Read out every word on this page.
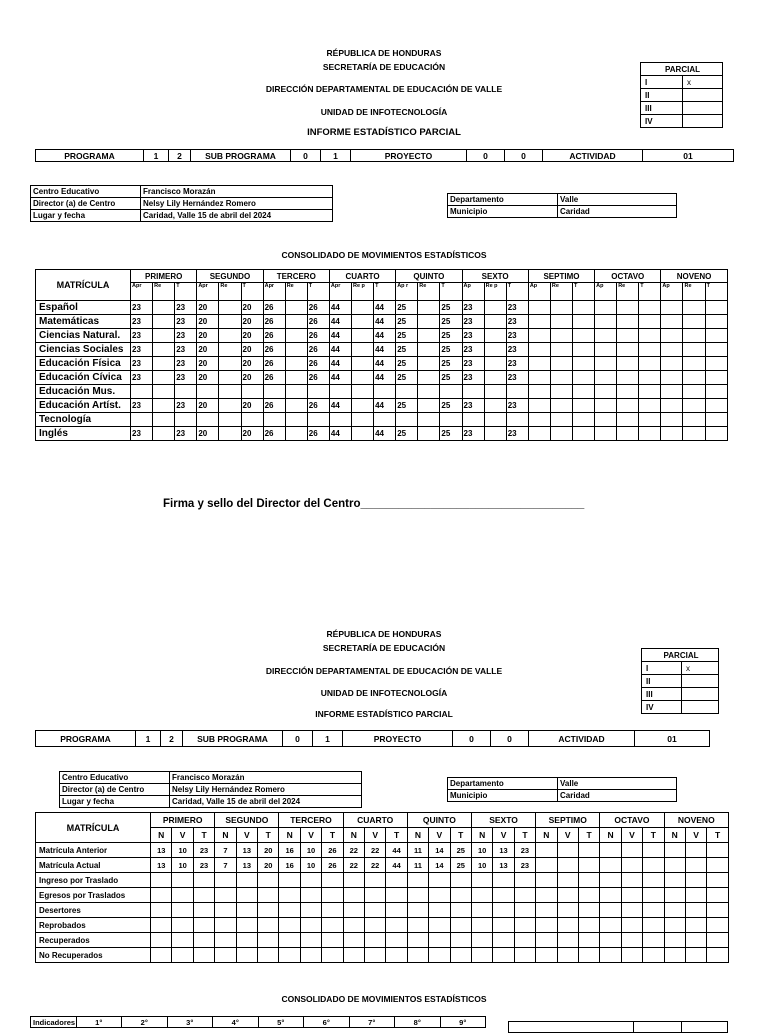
RÉPUBLICA DE HONDURAS
SECRETARÍA DE EDUCACIÓN
DIRECCIÓN DEPARTAMENTAL DE EDUCACIÓN DE VALLE
UNIDAD DE INFOTECNOLOGÍA
INFORME ESTADÍSTICO PARCIAL
PARCIAL	
I	x
II	
III	
IV	
PROGRAMA	1	2	SUB PROGRAMA	0	1	PROYECTO	0	0	ACTIVIDAD	01
Centro Educativo	Francisco Morazán
Director (a) de Centro	Nelsy Lily Hernández Romero
Lugar y fecha	Caridad, Valle 15 de abril del 2024
Departamento	Valle
Municipio	Caridad
CONSOLIDADO DE MOVIMIENTOS ESTADÍSTICOS
MATRÍCULA	PRIMERO			SEGUNDO			TERCERO			CUARTO			QUINTO			SEXTO			SEPTIMO			OCTAVO			NOVENO		
	Apr	Re	T	Apr	Re	T	Apr	Re	T	Apr	Re p	T	Ap r	Re	T	Ap	Re p	T	Ap	Re	T	Ap	Re	T	Ap	Re	T
Español	23		23	20		20	26		26	44		44	25		25	23		23									
Matemáticas	23		23	20		20	26		26	44		44	25		25	23		23									
Ciencias Natural.	23		23	20		20	26		26	44		44	25		25	23		23									
Ciencias Sociales	23		23	20		20	26		26	44		44	25		25	23		23									
Educación Física	23		23	20		20	26		26	44		44	25		25	23		23									
Educación Cívica	23		23	20		20	26		26	44		44	25		25	23		23									
Educación Mus.																											
Educación Artíst.	23		23	20		20	26		26	44		44	25		25	23		23									
Tecnología																											
Inglés	23		23	20		20	26		26	44		44	25		25	23		23									
Firma y sello del Director del Centro___________________________________
RÉPUBLICA DE HONDURAS
SECRETARÍA DE EDUCACIÓN
DIRECCIÓN DEPARTAMENTAL DE EDUCACIÓN DE VALLE
UNIDAD DE INFOTECNOLOGÍA
INFORME ESTADÍSTICO PARCIAL
PARCIAL	
I	x
II	
III	
IV	
PROGRAMA	1	2	SUB PROGRAMA	0	1	PROYECTO	0	0	ACTIVIDAD	01
Centro Educativo	Francisco Morazán
Director (a) de Centro	Nelsy Lily Hernández Romero
Lugar y fecha	Caridad, Valle 15 de abril del 2024
Departamento	Valle
Municipio	Caridad
MATRÍCULA	PRIMERO			SEGUNDO			TERCERO			CUARTO			QUINTO			SEXTO			SEPTIMO			OCTAVO			NOVENO		
	N	V	T	N	V	T	N	V	T	N	V	T	N	V	T	N	V	T	N	V	T	N	V	T	N	V	T
Matrícula Anterior	13	10	23	7	13	20	16	10	26	22	22	44	11	14	25	10	13	23									
Matrícula Actual	13	10	23	7	13	20	16	10	26	22	22	44	11	14	25	10	13	23									
Ingreso por Traslado																											
Egresos por Traslados																											
Desertores																											
Reprobados																											
Recuperados																											
No Recuperados																											
CONSOLIDADO DE MOVIMIENTOS ESTADÍSTICOS
Indicadores	1°	2°	3°	4°	5°	6°	7°	8°	9°
